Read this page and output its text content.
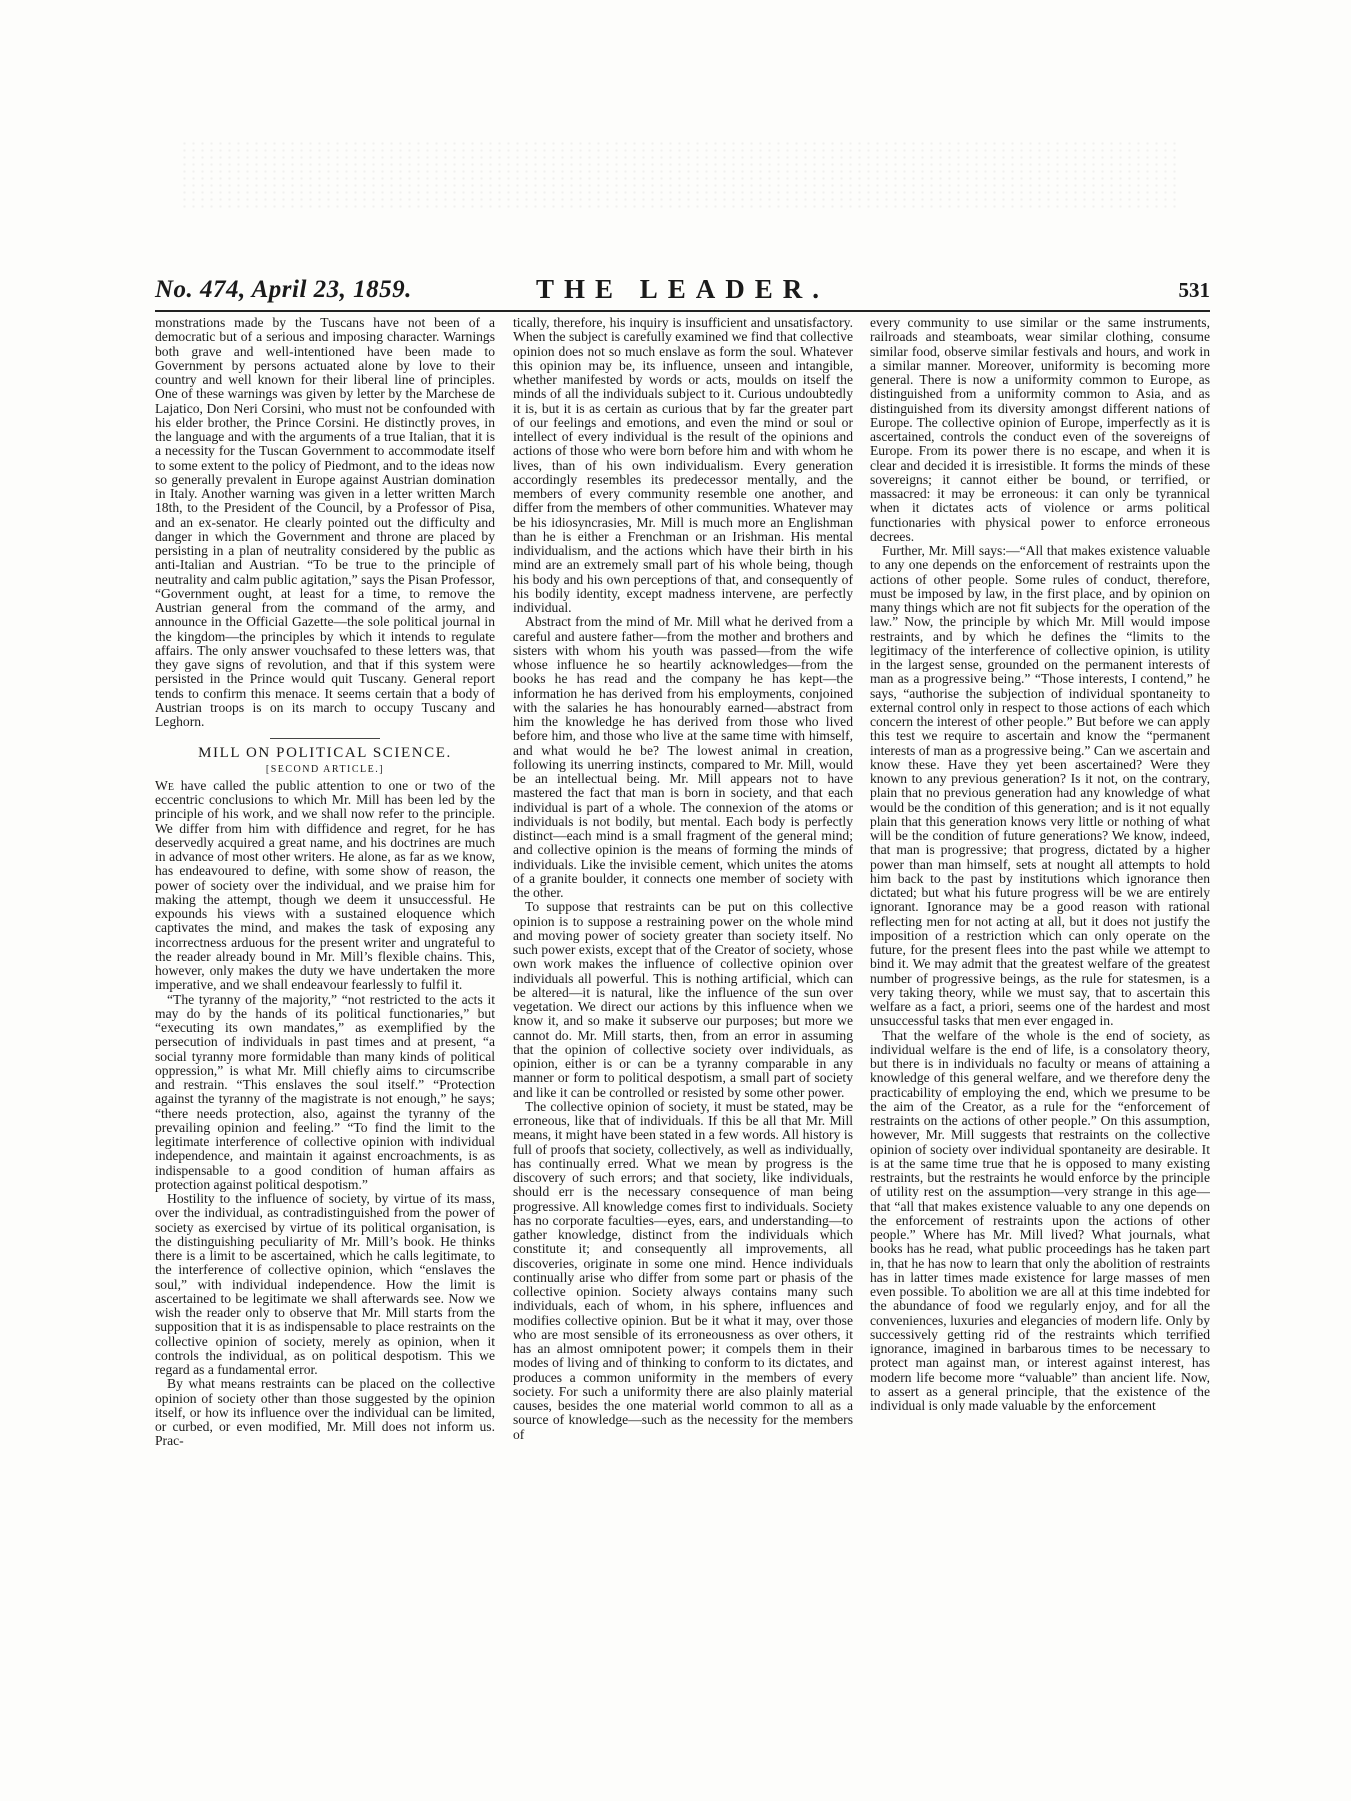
No. 474, April 23, 1859.	THE LEADER.	531

monstrations made by the Tuscans have not been of a democratic but of a serious and imposing character. Warnings both grave and well-intentioned have been made to Government by persons actuated alone by love to their country and well known for their liberal line of principles. One of these warnings was given by letter by the Marchese de Lajatico, Don Neri Corsini, who must not be confounded with his elder brother, the Prince Corsini. He distinctly proves, in the language and with the arguments of a true Italian, that it is a necessity for the Tuscan Government to accommodate itself to some extent to the policy of Piedmont, and to the ideas now so generally prevalent in Europe against Austrian domination in Italy. Another warning was given in a letter written March 18th, to the President of the Council, by a Professor of Pisa, and an ex-senator. He clearly pointed out the difficulty and danger in which the Government and throne are placed by persisting in a plan of neutrality considered by the public as anti-Italian and Austrian. “To be true to the principle of neutrality and calm public agitation,” says the Pisan Professor, “Government ought, at least for a time, to remove the Austrian general from the command of the army, and announce in the Official Gazette—the sole political journal in the kingdom—the principles by which it intends to regulate affairs. The only answer vouchsafed to these letters was, that they gave signs of revolution, and that if this system were persisted in the Prince would quit Tuscany. General report tends to confirm this menace. It seems certain that a body of Austrian troops is on its march to occupy Tuscany and Leghorn.

MILL ON POLITICAL SCIENCE.
[SECOND ARTICLE.]

We have called the public attention to one or two of the eccentric conclusions to which Mr. Mill has been led by the principle of his work, and we shall now refer to the principle. We differ from him with diffidence and regret, for he has deservedly acquired a great name, and his doctrines are much in advance of most other writers. He alone, as far as we know, has endeavoured to define, with some show of reason, the power of society over the individual, and we praise him for making the attempt, though we deem it unsuccessful. He expounds his views with a sustained eloquence which captivates the mind, and makes the task of exposing any incorrectness arduous for the present writer and ungrateful to the reader already bound in Mr. Mill’s flexible chains. This, however, only makes the duty we have undertaken the more imperative, and we shall endeavour fearlessly to fulfil it.

“The tyranny of the majority,” “not restricted to the acts it may do by the hands of its political functionaries,” but “executing its own mandates,” as exemplified by the persecution of individuals in past times and at present, “a social tyranny more formidable than many kinds of political oppression,” is what Mr. Mill chiefly aims to circumscribe and restrain. “This enslaves the soul itself.” “Protection against the tyranny of the magistrate is not enough,” he says; “there needs protection, also, against the tyranny of the prevailing opinion and feeling.” “To find the limit to the legitimate interference of collective opinion with individual independence, and maintain it against encroachments, is as indispensable to a good condition of human affairs as protection against political despotism.”

Hostility to the influence of society, by virtue of its mass, over the individual, as contradistinguished from the power of society as exercised by virtue of its political organisation, is the distinguishing peculiarity of Mr. Mill’s book. He thinks there is a limit to be ascertained, which he calls legitimate, to the interference of collective opinion, which “enslaves the soul,” with individual independence. How the limit is ascertained to be legitimate we shall afterwards see. Now we wish the reader only to observe that Mr. Mill starts from the supposition that it is as indispensable to place restraints on the collective opinion of society, merely as opinion, when it controls the individual, as on political despotism. This we regard as a fundamental error.

By what means restraints can be placed on the collective opinion of society other than those suggested by the opinion itself, or how its influence over the individual can be limited, or curbed, or even modified, Mr. Mill does not inform us. Prac-

tically, therefore, his inquiry is insufficient and unsatisfactory. When the subject is carefully examined we find that collective opinion does not so much enslave as form the soul. Whatever this opinion may be, its influence, unseen and intangible, whether manifested by words or acts, moulds on itself the minds of all the individuals subject to it. Curious undoubtedly it is, but it is as certain as curious that by far the greater part of our feelings and emotions, and even the mind or soul or intellect of every individual is the result of the opinions and actions of those who were born before him and with whom he lives, than of his own individualism. Every generation accordingly resembles its predecessor mentally, and the members of every community resemble one another, and differ from the members of other communities. Whatever may be his idiosyncrasies, Mr. Mill is much more an Englishman than he is either a Frenchman or an Irishman. His mental individualism, and the actions which have their birth in his mind are an extremely small part of his whole being, though his body and his own perceptions of that, and consequently of his bodily identity, except madness intervene, are perfectly individual.

Abstract from the mind of Mr. Mill what he derived from a careful and austere father—from the mother and brothers and sisters with whom his youth was passed—from the wife whose influence he so heartily acknowledges—from the books he has read and the company he has kept—the information he has derived from his employments, conjoined with the salaries he has honourably earned—abstract from him the knowledge he has derived from those who lived before him, and those who live at the same time with himself, and what would he be? The lowest animal in creation, following its unerring instincts, compared to Mr. Mill, would be an intellectual being. Mr. Mill appears not to have mastered the fact that man is born in society, and that each individual is part of a whole. The connexion of the atoms or individuals is not bodily, but mental. Each body is perfectly distinct—each mind is a small fragment of the general mind; and collective opinion is the means of forming the minds of individuals. Like the invisible cement, which unites the atoms of a granite boulder, it connects one member of society with the other.

To suppose that restraints can be put on this collective opinion is to suppose a restraining power on the whole mind and moving power of society greater than society itself. No such power exists, except that of the Creator of society, whose own work makes the influence of collective opinion over individuals all powerful. This is nothing artificial, which can be altered—it is natural, like the influence of the sun over vegetation. We direct our actions by this influence when we know it, and so make it subserve our purposes; but more we cannot do. Mr. Mill starts, then, from an error in assuming that the opinion of collective society over individuals, as opinion, either is or can be a tyranny comparable in any manner or form to political despotism, a small part of society and like it can be controlled or resisted by some other power.

The collective opinion of society, it must be stated, may be erroneous, like that of individuals. If this be all that Mr. Mill means, it might have been stated in a few words. All history is full of proofs that society, collectively, as well as individually, has continually erred. What we mean by progress is the discovery of such errors; and that society, like individuals, should err is the necessary consequence of man being progressive. All knowledge comes first to individuals. Society has no corporate faculties—eyes, ears, and understanding—to gather knowledge, distinct from the individuals which constitute it; and consequently all improvements, all discoveries, originate in some one mind. Hence individuals continually arise who differ from some part or phasis of the collective opinion. Society always contains many such individuals, each of whom, in his sphere, influences and modifies collective opinion. But be it what it may, over those who are most sensible of its erroneousness as over others, it has an almost omnipotent power; it compels them in their modes of living and of thinking to conform to its dictates, and produces a common uniformity in the members of every society. For such a uniformity there are also plainly material causes, besides the one material world common to all as a source of knowledge—such as the necessity for the members of

every community to use similar or the same instruments, railroads and steamboats, wear similar clothing, consume similar food, observe similar festivals and hours, and work in a similar manner. Moreover, uniformity is becoming more general. There is now a uniformity common to Europe, as distinguished from a uniformity common to Asia, and as distinguished from its diversity amongst different nations of Europe. The collective opinion of Europe, imperfectly as it is ascertained, controls the conduct even of the sovereigns of Europe. From its power there is no escape, and when it is clear and decided it is irresistible. It forms the minds of these sovereigns; it cannot either be bound, or terrified, or massacred: it may be erroneous: it can only be tyrannical when it dictates acts of violence or arms political functionaries with physical power to enforce erroneous decrees.

Further, Mr. Mill says:—“All that makes existence valuable to any one depends on the enforcement of restraints upon the actions of other people. Some rules of conduct, therefore, must be imposed by law, in the first place, and by opinion on many things which are not fit subjects for the operation of the law.” Now, the principle by which Mr. Mill would impose restraints, and by which he defines the “limits to the legitimacy of the interference of collective opinion, is utility in the largest sense, grounded on the permanent interests of man as a progressive being.” “Those interests, I contend,” he says, “authorise the subjection of individual spontaneity to external control only in respect to those actions of each which concern the interest of other people.” But before we can apply this test we require to ascertain and know the “permanent interests of man as a progressive being.” Can we ascertain and know these. Have they yet been ascertained? Were they known to any previous generation? Is it not, on the contrary, plain that no previous generation had any knowledge of what would be the condition of this generation; and is it not equally plain that this generation knows very little or nothing of what will be the condition of future generations? We know, indeed, that man is progressive; that progress, dictated by a higher power than man himself, sets at nought all attempts to hold him back to the past by institutions which ignorance then dictated; but what his future progress will be we are entirely ignorant. Ignorance may be a good reason with rational reflecting men for not acting at all, but it does not justify the imposition of a restriction which can only operate on the future, for the present flees into the past while we attempt to bind it. We may admit that the greatest welfare of the greatest number of progressive beings, as the rule for statesmen, is a very taking theory, while we must say, that to ascertain this welfare as a fact, a priori, seems one of the hardest and most unsuccessful tasks that men ever engaged in.

That the welfare of the whole is the end of society, as individual welfare is the end of life, is a consolatory theory, but there is in individuals no faculty or means of attaining a knowledge of this general welfare, and we therefore deny the practicability of employing the end, which we presume to be the aim of the Creator, as a rule for the “enforcement of restraints on the actions of other people.” On this assumption, however, Mr. Mill suggests that restraints on the collective opinion of society over individual spontaneity are desirable. It is at the same time true that he is opposed to many existing restraints, but the restraints he would enforce by the principle of utility rest on the assumption—very strange in this age—that “all that makes existence valuable to any one depends on the enforcement of restraints upon the actions of other people.” Where has Mr. Mill lived? What journals, what books has he read, what public proceedings has he taken part in, that he has now to learn that only the abolition of restraints has in latter times made existence for large masses of men even possible. To abolition we are all at this time indebted for the abundance of food we regularly enjoy, and for all the conveniences, luxuries and elegancies of modern life. Only by successively getting rid of the restraints which terrified ignorance, imagined in barbarous times to be necessary to protect man against man, or interest against interest, has modern life become more “valuable” than ancient life. Now, to assert as a general principle, that the existence of the individual is only made valuable by the enforcement
